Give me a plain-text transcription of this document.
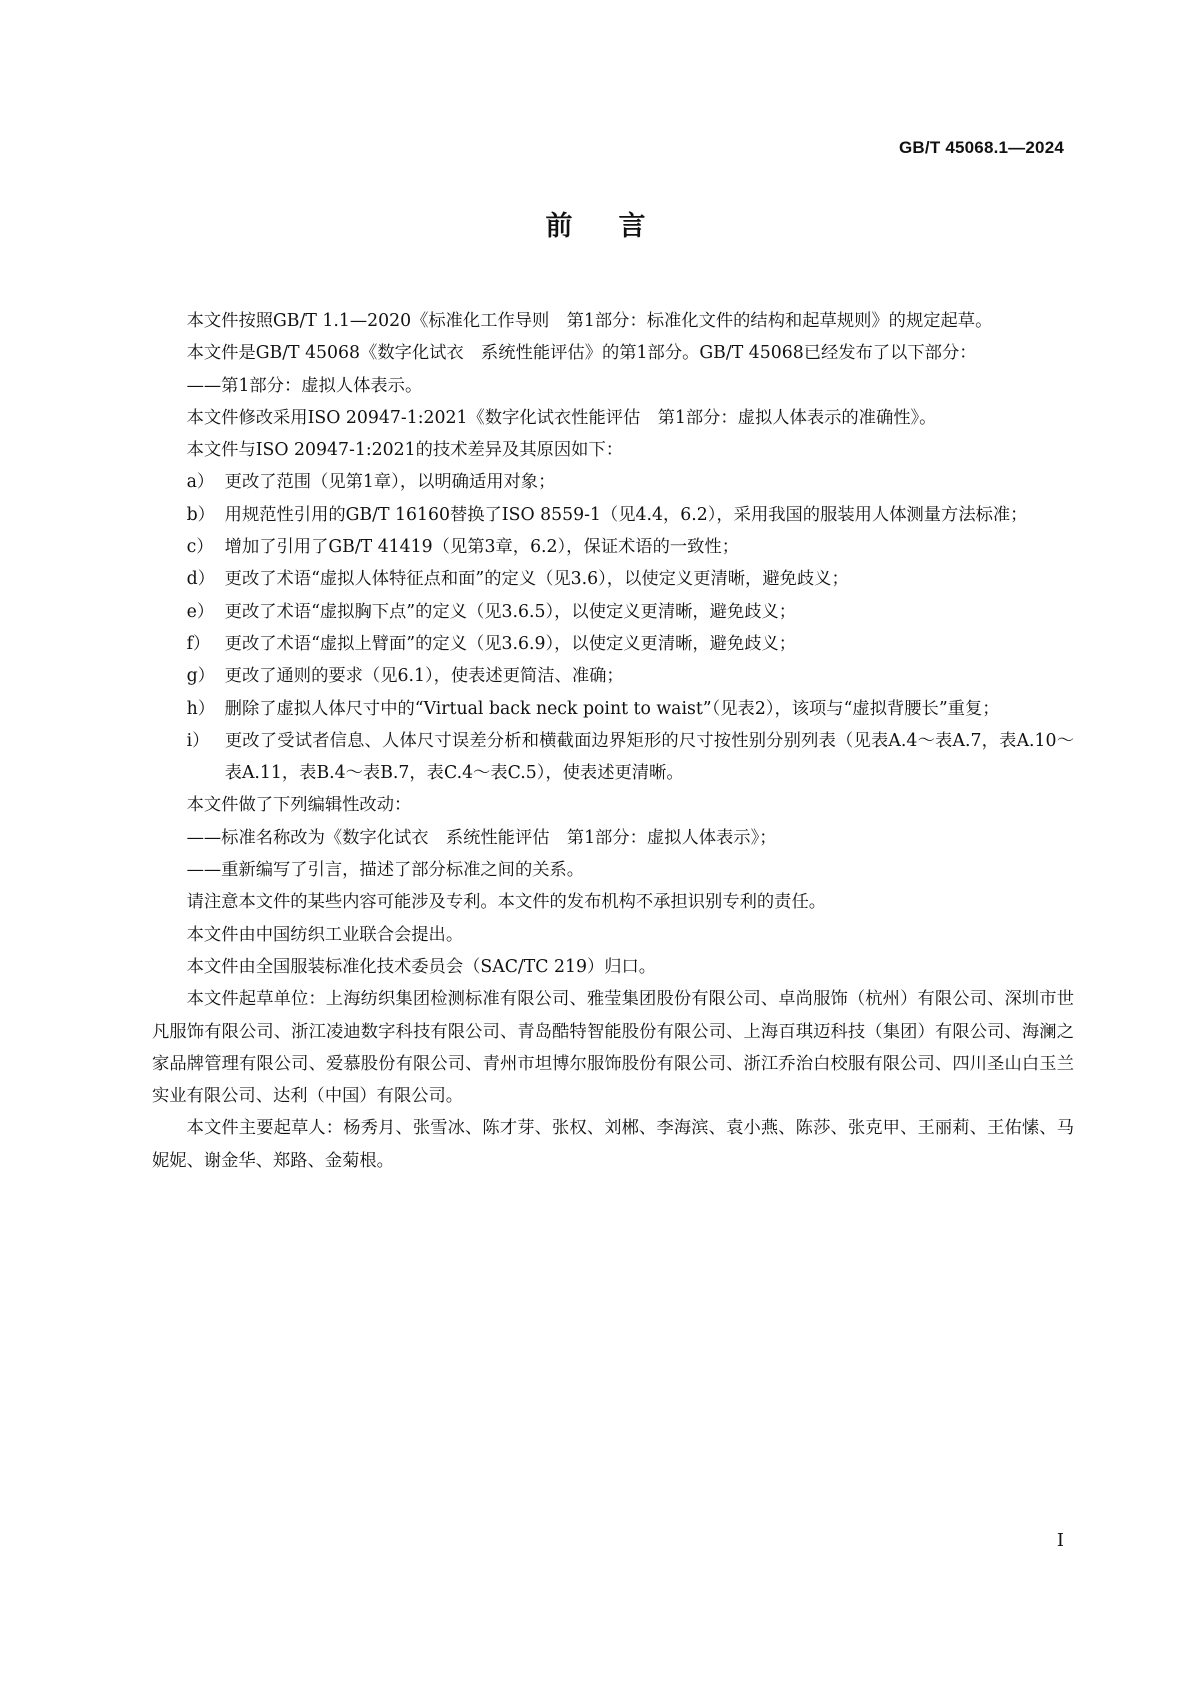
GB/T 45068.1—2024
前言

本文件按照GB/T 1.1—2020《标准化工作导则　第1部分：标准化文件的结构和起草规则》的规定起草。

本文件是GB/T 45068《数字化试衣　系统性能评估》的第1部分。GB/T 45068已经发布了以下部分：

——第1部分：虚拟人体表示。

本文件修改采用ISO 20947-1:2021《数字化试衣性能评估　第1部分：虚拟人体表示的准确性》。

本文件与ISO 20947-1:2021的技术差异及其原因如下：

a） 更改了范围（见第1章），以明确适用对象；

b） 用规范性引用的GB/T 16160替换了ISO 8559-1（见4.4，6.2），采用我国的服装用人体测量方法标准；

c） 增加了引用了GB/T 41419（见第3章，6.2），保证术语的一致性；

d） 更改了术语“虚拟人体特征点和面”的定义（见3.6），以使定义更清晰，避免歧义；

e） 更改了术语“虚拟胸下点”的定义（见3.6.5），以使定义更清晰，避免歧义；

f） 更改了术语“虚拟上臂面”的定义（见3.6.9），以使定义更清晰，避免歧义；

g） 更改了通则的要求（见6.1），使表述更简洁、准确；

h） 删除了虚拟人体尺寸中的“Virtual back neck point to waist”（见表2），该项与“虚拟背腰长”重复；

i） 更改了受试者信息、人体尺寸误差分析和横截面边界矩形的尺寸按性别分别列表（见表A.4～表A.7，表A.10～表A.11，表B.4～表B.7，表C.4～表C.5），使表述更清晰。

本文件做了下列编辑性改动：

——标准名称改为《数字化试衣　系统性能评估　第1部分：虚拟人体表示》；

——重新编写了引言，描述了部分标准之间的关系。

请注意本文件的某些内容可能涉及专利。本文件的发布机构不承担识别专利的责任。

本文件由中国纺织工业联合会提出。

本文件由全国服装标准化技术委员会（SAC/TC 219）归口。

本文件起草单位：上海纺织集团检测标准有限公司、雅莹集团股份有限公司、卓尚服饰（杭州）有限公司、深圳市世凡服饰有限公司、浙江凌迪数字科技有限公司、青岛酷特智能股份有限公司、上海百琪迈科技（集团）有限公司、海澜之家品牌管理有限公司、爱慕股份有限公司、青州市坦博尔服饰股份有限公司、浙江乔治白校服有限公司、四川圣山白玉兰实业有限公司、达利（中国）有限公司。

本文件主要起草人：杨秀月、张雪冰、陈才芽、张权、刘郴、李海滨、袁小燕、陈莎、张克甲、王丽莉、王佑愫、马妮妮、谢金华、郑路、金菊根。

I
